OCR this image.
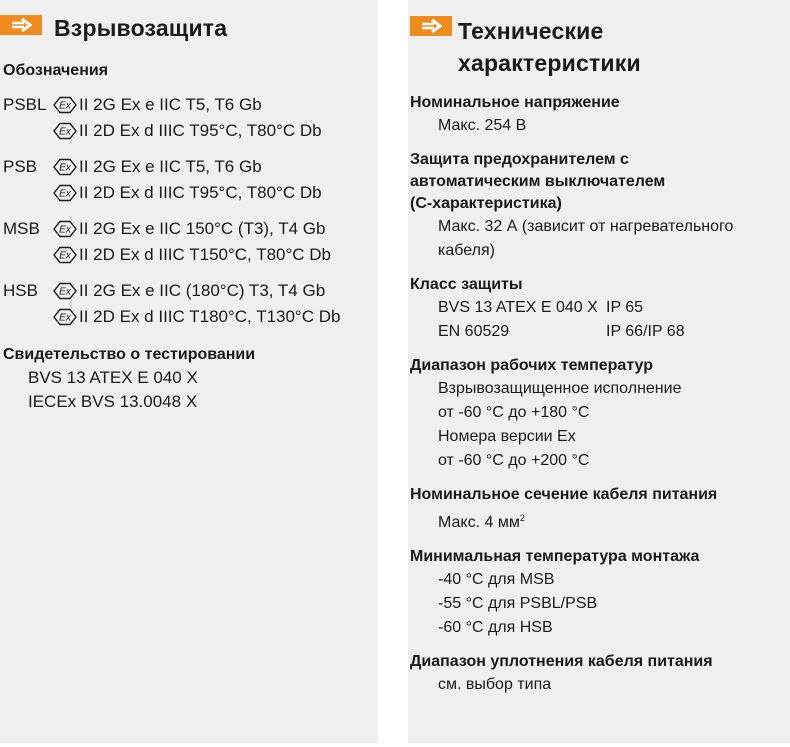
Взрывозащита
Обозначения
PSBL	Ex II 2G Ex e IIC T5, T6 Gb
Ex II 2D Ex d IIIC T95°C, T80°C Db
PSB	Ex II 2G Ex e IIC T5, T6 Gb
Ex II 2D Ex d IIIC T95°C, T80°C Db
MSB	Ex II 2G Ex e IIC 150°C (T3), T4 Gb
Ex II 2D Ex d IIIC T150°C, T80°C Db
HSB	Ex II 2G Ex e IIC (180°C) T3, T4 Gb
Ex II 2D Ex d IIIC T180°C, T130°C Db
Свидетельство о тестировании
BVS 13 ATEX E 040 X
IECEx BVS 13.0048 X
Технические
характеристики
Номинальное напряжение
Макс. 254 В
Защита предохранителем с
автоматическим выключателем
(С-характеристика)
Макс. 32 А (зависит от нагревательного кабеля)
Класс защиты
BVS 13 ATEX E 040 X IP 65
EN 60529	IP 66/IP 68
Диапазон рабочих температур
Взрывозащищенное исполнение
от -60 °C до +180 °C
Номера версии Ex
от -60 °C до +200 °C
Номинальное сечение кабеля питания
Макс. 4 $мм^2$
Минимальная температура монтажа
-40 °C для MSB
-55 °C для PSBL/PSB
-60 °C для HSB
Диапазон уплотнения кабеля питания
см. выбор типа
